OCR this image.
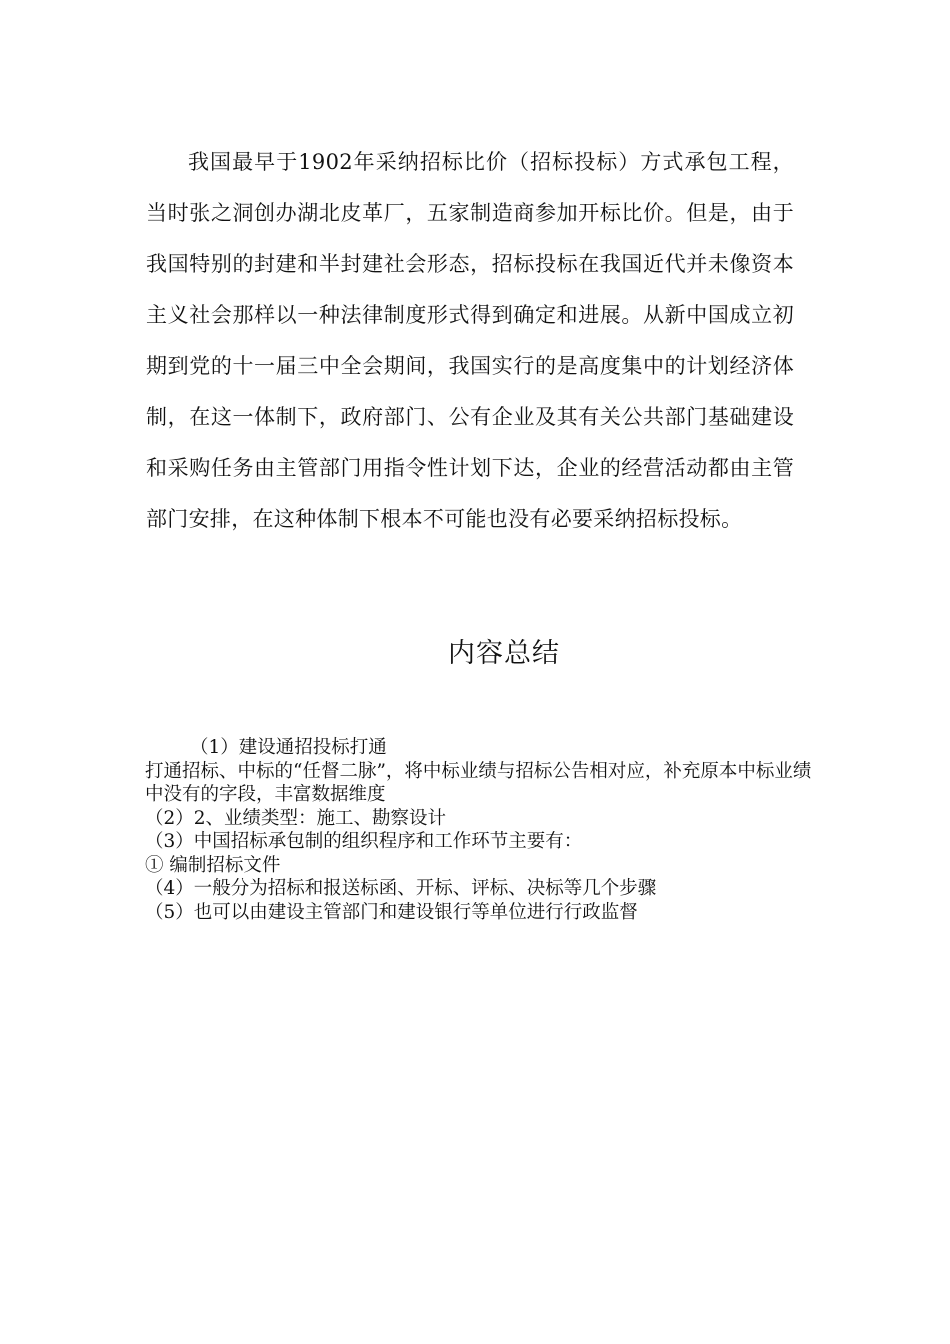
我国最早于1902年采纳招标比价（招标投标）方式承包工程，当时张之洞创办湖北皮革厂，五家制造商参加开标比价。但是，由于我国特别的封建和半封建社会形态，招标投标在我国近代并未像资本主义社会那样以一种法律制度形式得到确定和进展。从新中国成立初期到党的十一届三中全会期间，我国实行的是高度集中的计划经济体制，在这一体制下，政府部门、公有企业及其有关公共部门基础建设和采购任务由主管部门用指令性计划下达，企业的经营活动都由主管部门安排，在这种体制下根本不可能也没有必要采纳招标投标。

内容总结
（1）建设通招投标打通
打通招标、中标的“任督二脉”，将中标业绩与招标公告相对应，补充原本中标业绩中没有的字段，丰富数据维度
（2）2、业绩类型：施工、勘察设计
（3）中国招标承包制的组织程序和工作环节主要有：
① 编制招标文件
（4）一般分为招标和报送标函、开标、评标、决标等几个步骤
（5）也可以由建设主管部门和建设银行等单位进行行政监督
